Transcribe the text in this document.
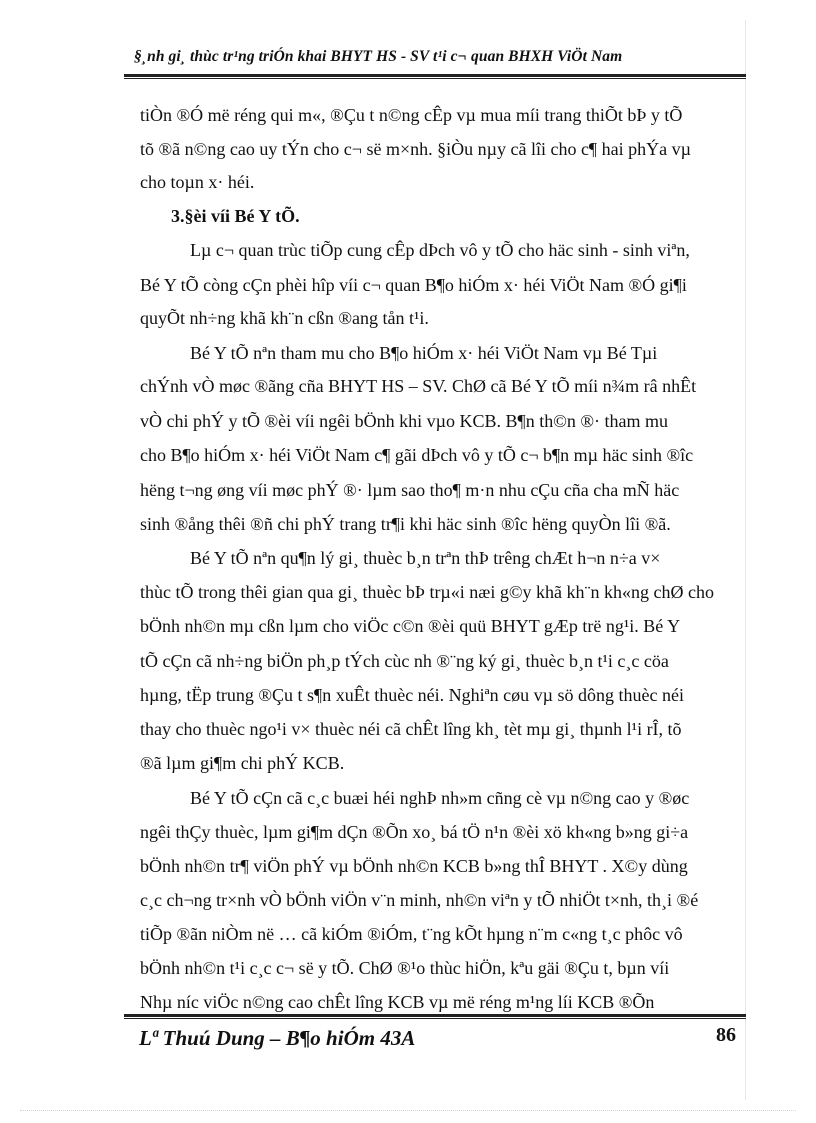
§¸nh gi¸ thùc tr¹ng triÓn khai BHYT HS - SV t¹i c¬ quan BHXH ViÖt Nam
tiÒn ®Ó më réng qui m«, ®Çu t n©ng cÊp vµ mua míi trang thiÕt bÞ y tÕ
tõ ®ã n©ng cao uy tÝn cho c¬ së m×nh. §iÒu nµy cã lîi cho c¶ hai phÝa vµ
cho toµn x· héi.
3.§èi víi Bé Y tÕ.
Lµ c¬ quan trùc tiÕp cung cÊp dÞch vô y tÕ cho häc sinh - sinh viªn,
Bé Y tÕ còng cÇn phèi hîp víi c¬ quan B¶o hiÓm x· héi ViÖt Nam ®Ó gi¶i
quyÕt nh÷ng khã kh¨n cßn ®ang tån t¹i.
Bé Y tÕ nªn tham mu cho B¶o hiÓm x· héi ViÖt Nam vµ Bé Tµi
chÝnh vÒ møc ®ãng cña BHYT HS – SV. ChØ cã Bé Y tÕ míi n¾m râ nhÊt
vÒ chi phÝ y tÕ ®èi víi ngêi bÖnh khi vµo KCB. B¶n th©n ®· tham mu
cho B¶o hiÓm x· héi ViÖt Nam c¶ gãi dÞch vô y tÕ c¬ b¶n mµ häc sinh ®îc
hëng t¬ng øng víi møc phÝ ®· lµm sao tho¶ m·n nhu cÇu cña cha mÑ häc
sinh ®ång thêi ®ñ chi phÝ trang tr¶i khi häc sinh ®îc hëng quyÒn lîi ®ã.
Bé Y tÕ nªn qu¶n lý gi¸ thuèc b¸n trªn thÞ trêng chÆt h¬n n÷a v×
thùc tÕ trong thêi gian qua gi¸ thuèc bÞ trµ«i næi g©y khã kh¨n kh«ng chØ cho
bÖnh nh©n mµ cßn lµm cho viÖc c©n ®èi quü BHYT gÆp trë ng¹i. Bé Y
tÕ cÇn cã nh÷ng biÖn ph¸p tÝch cùc nh ®¨ng ký gi¸ thuèc b¸n t¹i c¸c cöa
hµng, tËp trung ®Çu t s¶n xuÊt thuèc néi. Nghiªn cøu vµ sö dông thuèc néi
thay cho thuèc ngo¹i v× thuèc néi cã chÊt lîng kh¸ tèt mµ gi¸ thµnh l¹i rÎ, tõ
®ã lµm gi¶m chi phÝ KCB.
Bé Y tÕ cÇn cã c¸c buæi héi nghÞ nh»m cñng cè vµ n©ng cao y ®øc
ngêi thÇy thuèc, lµm gi¶m dÇn ®Õn xo¸ bá tÖ n¹n ®èi xö kh«ng b»ng gi÷a
bÖnh nh©n tr¶ viÖn phÝ vµ bÖnh nh©n KCB b»ng thÎ BHYT . X©y dùng
c¸c ch¬ng tr×nh vÒ bÖnh viÖn v¨n minh, nh©n viªn y tÕ nhiÖt t×nh, th¸i ®é
tiÕp ®ãn niÒm në … cã kiÓm ®iÓm, t¨ng kÕt hµng n¨m c«ng t¸c phôc vô
bÖnh nh©n t¹i c¸c c¬ së y tÕ. ChØ ®¹o thùc hiÖn, kªu gäi ®Çu t, bµn víi
Nhµ níc viÖc n©ng cao chÊt lîng KCB vµ më réng m¹ng líi KCB ®Õn
Lª Thuú Dung – B¶o hiÓm 43A	86
